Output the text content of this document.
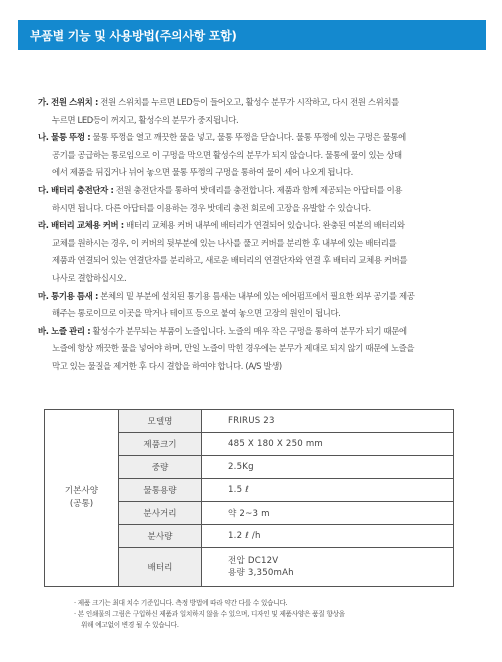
부품별 기능 및 사용방법(주의사항 포함)
가. 전원 스위치 : 전원 스위치를 누르면 LED등이 들어오고, 활성수 분무가 시작하고, 다시 전원 스위치를
누르면 LED등이 꺼지고, 활성수의 분무가 중지됩니다.
나. 물통 뚜껑 : 물통 뚜껑을 열고 깨끗한 물을 넣고, 물통 뚜껑을 닫습니다. 물통 뚜껑에 있는 구멍은 물통에
공기를 공급하는 통로임으로 이 구멍을 막으면 활성수의 분무가 되지 않습니다. 물통에 물이 있는 상태
에서 제품을 뒤집거나 뉘어 놓으면 물통 뚜껑의 구멍을 통하여 물이 세어 나오게 됩니다.
다. 배터리 충전단자 : 전원 충전단자를 통하여 밧데리를 충전합니다. 제품과 함께 제공되는 아답터를 이용
하시면 됩니다. 다른 아답터를 이용하는 경우 밧데리 충전 회로에 고장을 유발할 수 있습니다.
라. 배터리 교체용 커버 : 배터리 교체용 커버 내부에 배터리가 연결되어 있습니다. 완충된 여분의 배터리와
교체를 원하시는 경우, 이 커버의 뒷부분에 있는 나사를 풀고 커버를 분리한 후 내부에 있는 배터리를
제품과 연결되어 있는 연결단자를 분리하고, 새로운 배터리의 연결단자와 연결 후 배터리 교체용 커버를
나사로 결합하십시오.
마. 통기용 틈새 : 본체의 밑 부분에 설치된 통기용 틈새는 내부에 있는 에어펌프에서 필요한 외부 공기를 제공
해주는 통로이므로 이곳을 막거나 테이프 등으로 붙여 놓으면 고장의 원인이 됩니다.
바. 노즐 관리 : 활성수가 분무되는 부품이 노즐입니다. 노즐의 매우 작은 구멍을 통하여 분무가 되기 때문에
노즐에 항상 깨끗한 물을 넣어야 하며, 만일 노즐이 막힌 경우에는 분무가 제대로 되지 않기 때문에 노즐을
막고 있는 물질을 제거한 후 다시 결합을 하여야 합니다. (A/S 발생)
기본사양
(공통)	모델명	FRIRUS 23
	제품크기	485 X 180 X 250 mm
	중량	2.5Kg
	물통용량	1.5 ℓ
	분사거리	약 2~3 m
	분사량	1.2 ℓ /h
	배터리	전압 DC12V
용량 3,350mAh
· 제품 크기는 최대 치수 기준입니다. 측정 방법에 따라 약간 다를 수 있습니다.
· 본 인쇄물의 그림은 구입하신 제품과 일치하지 않을 수 있으며, 디자인 및 제품사양은 품질 향상을
위해 예고없이 변경 될 수 있습니다.
